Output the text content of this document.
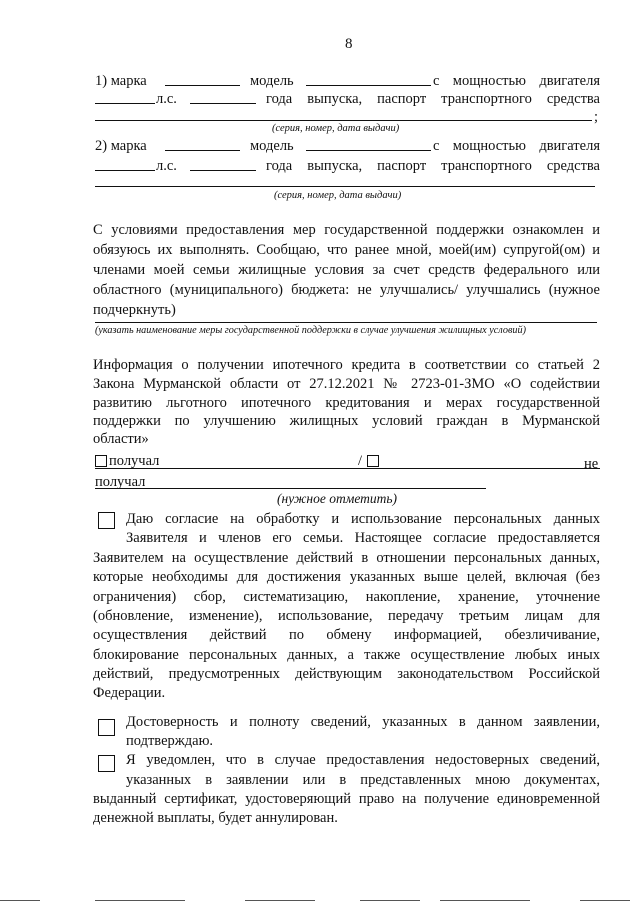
8
1) марка	модель	с мощностью двигателя
л.с.	года выпуска, паспорт транспортного средства
;
(серия, номер, дата выдачи)
2) марка	модель	с мощностью двигателя
л.с.	года выпуска, паспорт транспортного средства
(серия, номер, дата выдачи)
С условиями предоставления мер государственной поддержки ознакомлен и
обязуюсь их выполнять. Сообщаю, что ранее мной, моей(им) супругой(ом) и
членами моей семьи жилищные условия за счет средств федерального или
областного (муниципального) бюджета: не улучшались/ улучшались (нужное
подчеркнуть)
(указать наименование меры государственной поддержки в случае улучшения жилищных условий)
Информация о получении ипотечного кредита в соответствии со статьей 2
Закона Мурманской области от 27.12.2021 № 2723-01-ЗМО «О содействии
развитию льготного ипотечного кредитования и мерах государственной
поддержки по улучшению жилищных условий граждан в Мурманской
области»
получал	/	не
получал
(нужное отметить)
Даю согласие на обработку и использование персональных данных
Заявителя и членов его семьи. Настоящее согласие предоставляется
Заявителем на осуществление действий в отношении персональных данных,
которые необходимы для достижения указанных выше целей, включая (без
ограничения) сбор, систематизацию, накопление, хранение, уточнение
(обновление, изменение), использование, передачу третьим лицам для
осуществления действий по обмену информацией, обезличивание,
блокирование персональных данных, а также осуществление любых иных
действий, предусмотренных действующим законодательством Российской
Федерации.
Достоверность и полноту сведений, указанных в данном заявлении,
подтверждаю.
Я уведомлен, что в случае предоставления недостоверных сведений,
указанных в заявлении или в представленных мною документах,
выданный сертификат, удостоверяющий право на получение единовременной
денежной выплаты, будет аннулирован.
